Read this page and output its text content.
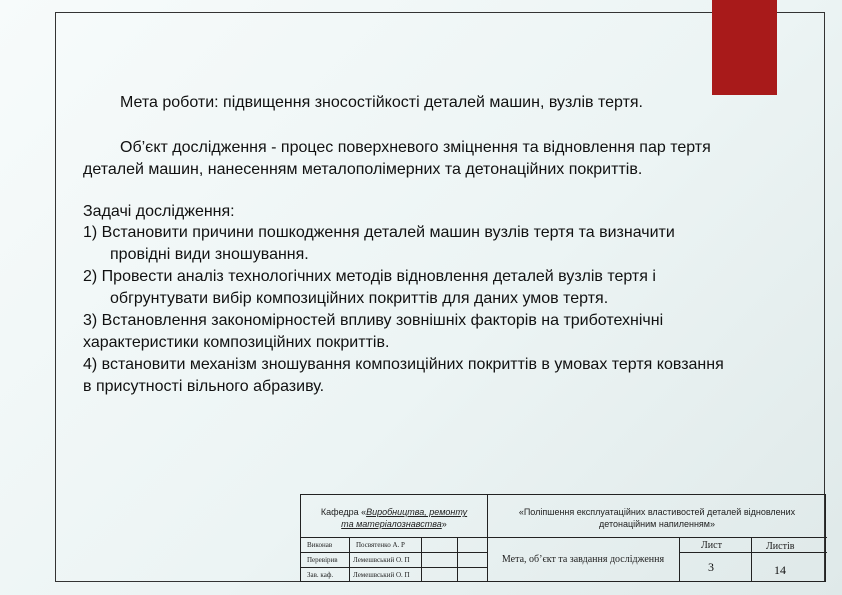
Мета роботи: підвищення зносостійкості деталей машин, вузлів тертя.
Об’єкт дослідження - процес поверхневого зміцнення та відновлення пар тертя
деталей машин, нанесенням металополімерних та детонаційних покриттів.
Задачі дослідження:
1) Встановити причини пошкодження деталей машин вузлів тертя та визначити

провідні види зношування.
2) Провести аналіз технологічних методів відновлення деталей вузлів тертя і

обгрунтувати вибір композиційних покриттів для даних умов тертя.
3) Встановлення закономірностей впливу зовнішніх факторів на триботехнічні
характеристики композиційних покриттів.
4) встановити механізм зношування композиційних покриттів в умовах тертя ковзання
в присутності вільного абразиву.
Кафедра «Виробництва, ремонту
та матеріалознавства»
«Поліпшення експлуатаційних властивостей деталей відновлених детонаційним напиленням»
Виконав
Перевірив
Зав. каф.
Посвятенко А. Р
Лемешвський О. П
Лемешвський О. П
Мета, об’єкт та завдання дослідження
Лист	Листів
3	14
